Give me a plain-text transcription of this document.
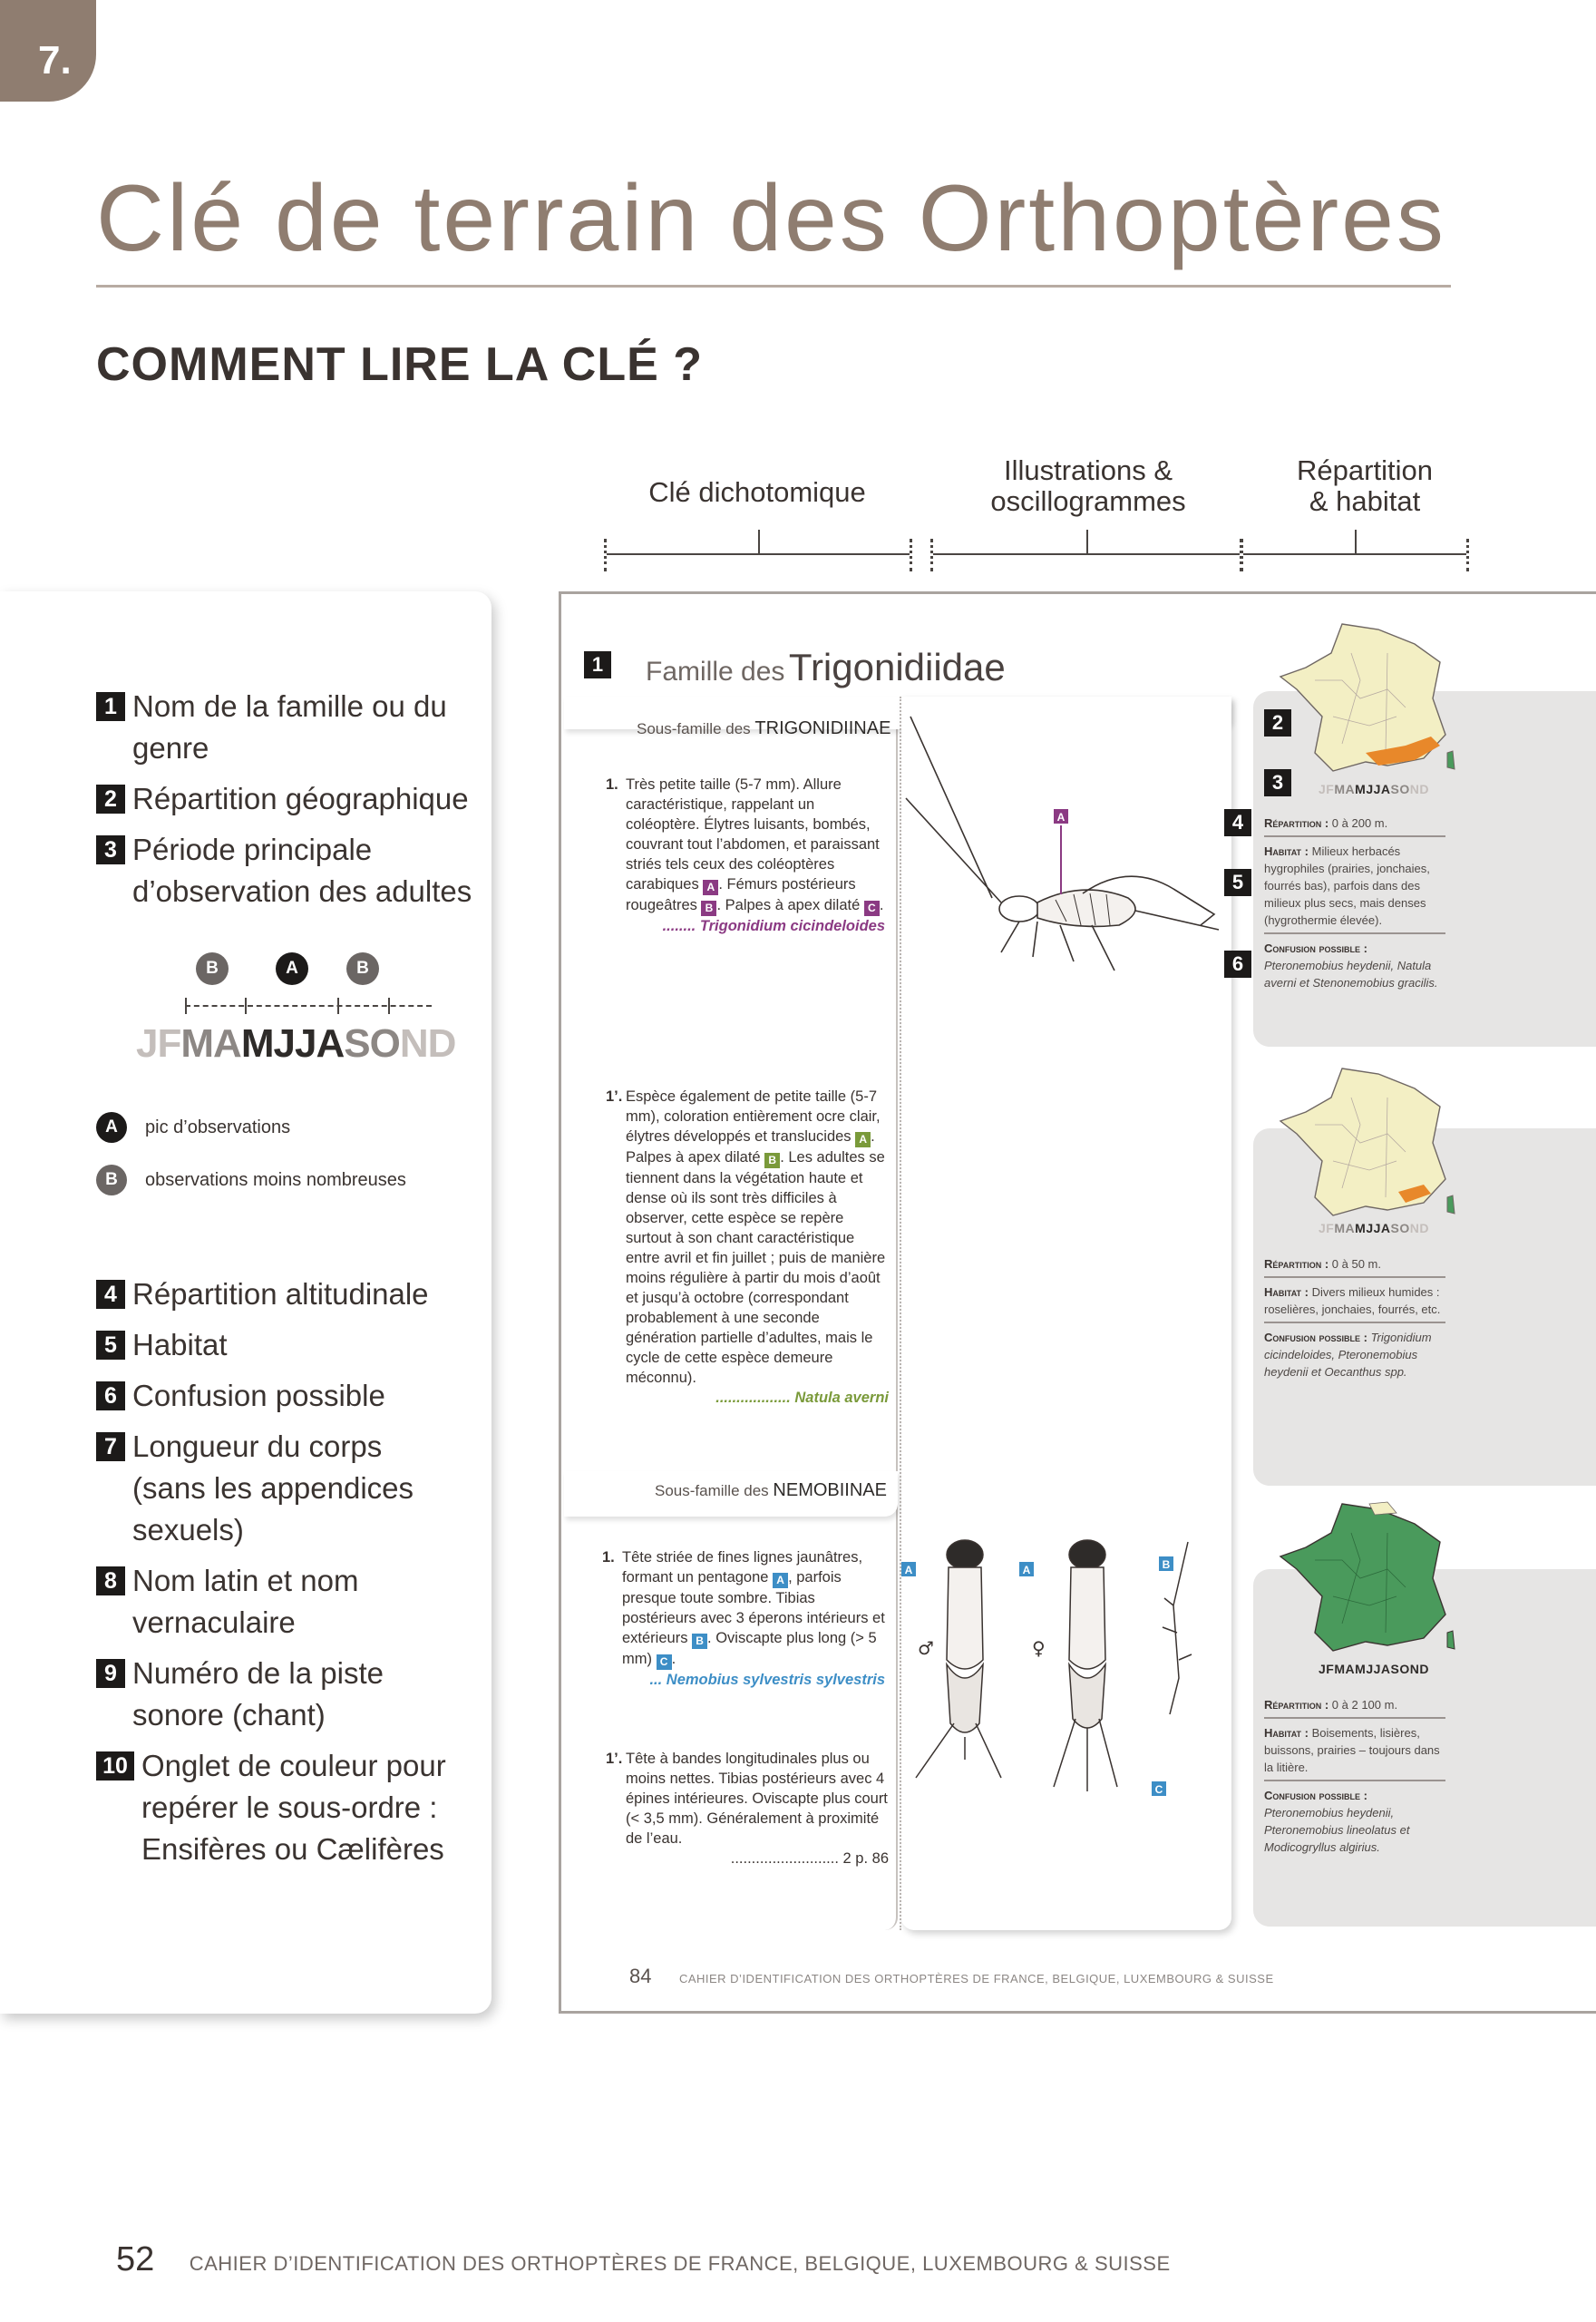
7.
Clé de terrain des Orthoptères
COMMENT LIRE LA CLÉ ?
Clé dichotomique
Illustrations &
oscillogrammes
Répartition
& habitat
1 Nom de la famille ou du genre
2 Répartition géographique
3 Période principale d’observation des adultes
B	A	B
JFMAMJJASOND
A	pic d’observations
B	observations moins nombreuses
4 Répartition altitudinale
5 Habitat
6 Confusion possible
7 Longueur du corps (sans les appendices sexuels)
8 Nom latin et nom vernaculaire
9 Numéro de la piste sonore (chant)
10 Onglet de couleur pour repérer le sous-ordre : Ensifères ou Cælifères
1 Famille des Trigonidiidae
Sous-famille des TRIGONIDIINAE
1. Très petite taille (5-7 mm). Allure caractéristique, rappelant un coléoptère. Élytres luisants, bombés, couvrant tout l’abdomen, et paraissant striés tels ceux des coléoptères carabiques A . Fémurs postérieurs rougeâtres B . Palpes à apex dilaté C .
........ Trigonidium cicindeloides
1’. Espèce également de petite taille (5-7 mm), coloration entièrement ocre clair, élytres développés et translucides A . Palpes à apex dilaté B . Les adultes se tiennent dans la végétation haute et dense où ils sont très difficiles à observer, cette espèce se repère surtout à son chant caractéristique entre avril et fin juillet ; puis de manière moins régulière à partir du mois d’août et jusqu’à octobre (correspondant probablement à une seconde génération partielle d’adultes, mais le cycle de cette espèce demeure méconnu).
.................. Natula averni
Sous-famille des NEMOBIINAE
1. Tête striée de fines lignes jaunâtres, formant un pentagone A , parfois presque toute sombre. Tibias postérieurs avec 3 éperons intérieurs et extérieurs B . Oviscapte plus long (> 5 mm) C .
... Nemobius sylvestris sylvestris
1’. Tête à bandes longitudinales plus ou moins nettes. Tibias postérieurs avec 4 épines intérieures. Oviscapte plus court (< 3,5 mm). Généralement à proximité de l’eau.
.......................... 2 p. 86
A
A	A	B
C
♂	♀
2
3
4
5
6
JFMAMJJASOND
JFMAMJJASOND
JFMAMJJASOND
Répartition : 0 à 200 m.
Habitat : Milieux herbacés hygrophiles (prairies, jonchaies, fourrés bas), parfois dans des milieux plus secs, mais denses (hygrothermie élevée).
Confusion possible : Pteronemobius heydenii, Natula averni et Stenonemobius gracilis.
Répartition : 0 à 50 m.
Habitat : Divers milieux humides : roselières, jonchaies, fourrés, etc.
Confusion possible : Trigonidium cicindeloides, Pteronemobius heydenii et Oecanthus spp.
Répartition : 0 à 2 100 m.
Habitat : Boisements, lisières, buissons, prairies – toujours dans la litière.
Confusion possible : Pteronemobius heydenii, Pteronemobius lineolatus et Modicogryllus algirius.
84 CAHIER D’IDENTIFICATION DES ORTHOPTÈRES DE FRANCE, BELGIQUE, LUXEMBOURG & SUISSE
52 CAHIER D’IDENTIFICATION DES ORTHOPTÈRES DE FRANCE, BELGIQUE, LUXEMBOURG & SUISSE
